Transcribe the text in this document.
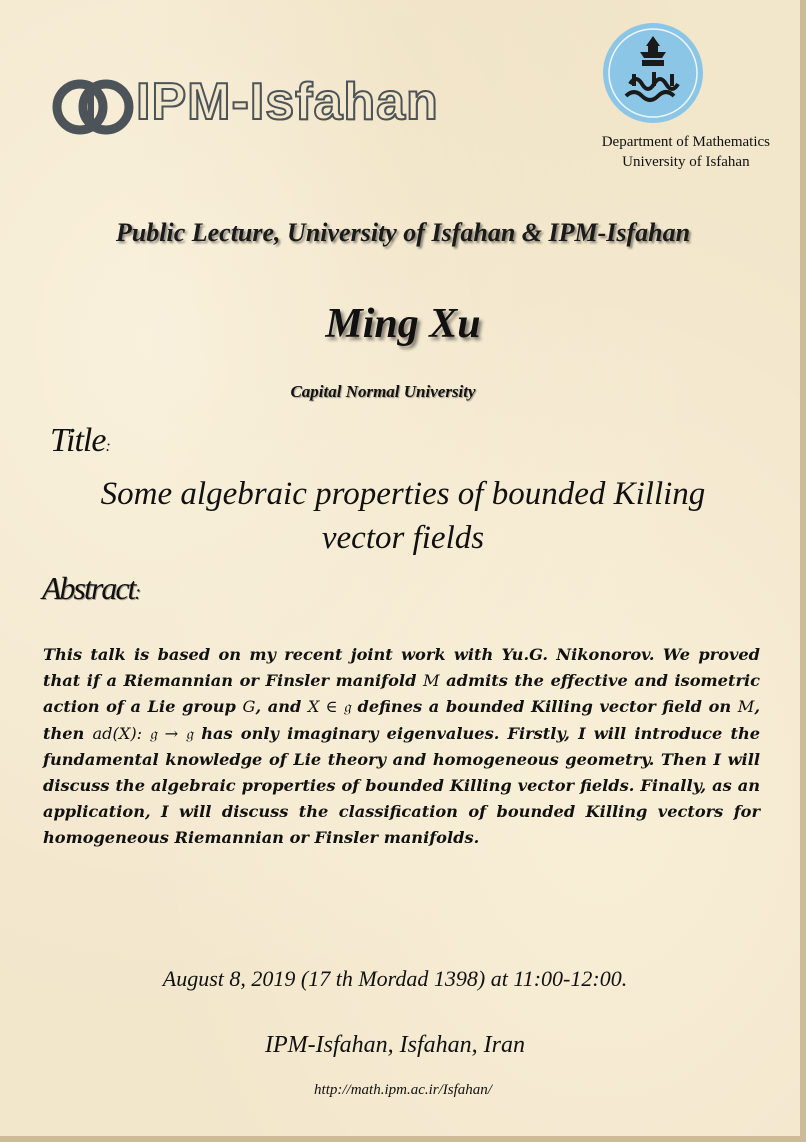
IPM-Isfahan
Department of Mathematics
University of Isfahan
Public Lecture, University of Isfahan & IPM-Isfahan
Ming Xu
Capital Normal University
Title:
Some algebraic properties of bounded Killing
vector fields
Abstract:
This talk is based on my recent joint work with Yu.G. Nikonorov. We proved that if a Riemannian or Finsler manifold M admits the effective and isometric action of a Lie group G, and X ∈ 𝔤 defines a bounded Killing vector field on M, then ad(X): 𝔤 → 𝔤 has only imaginary eigenvalues. Firstly, I will introduce the fundamental knowledge of Lie theory and homogeneous geometry. Then I will discuss the algebraic properties of bounded Killing vector fields. Finally, as an application, I will discuss the classification of bounded Killing vectors for homogeneous Riemannian or Finsler manifolds.
August 8, 2019 (17 th Mordad 1398) at 11:00-12:00.
IPM-Isfahan, Isfahan, Iran
http://math.ipm.ac.ir/Isfahan/
